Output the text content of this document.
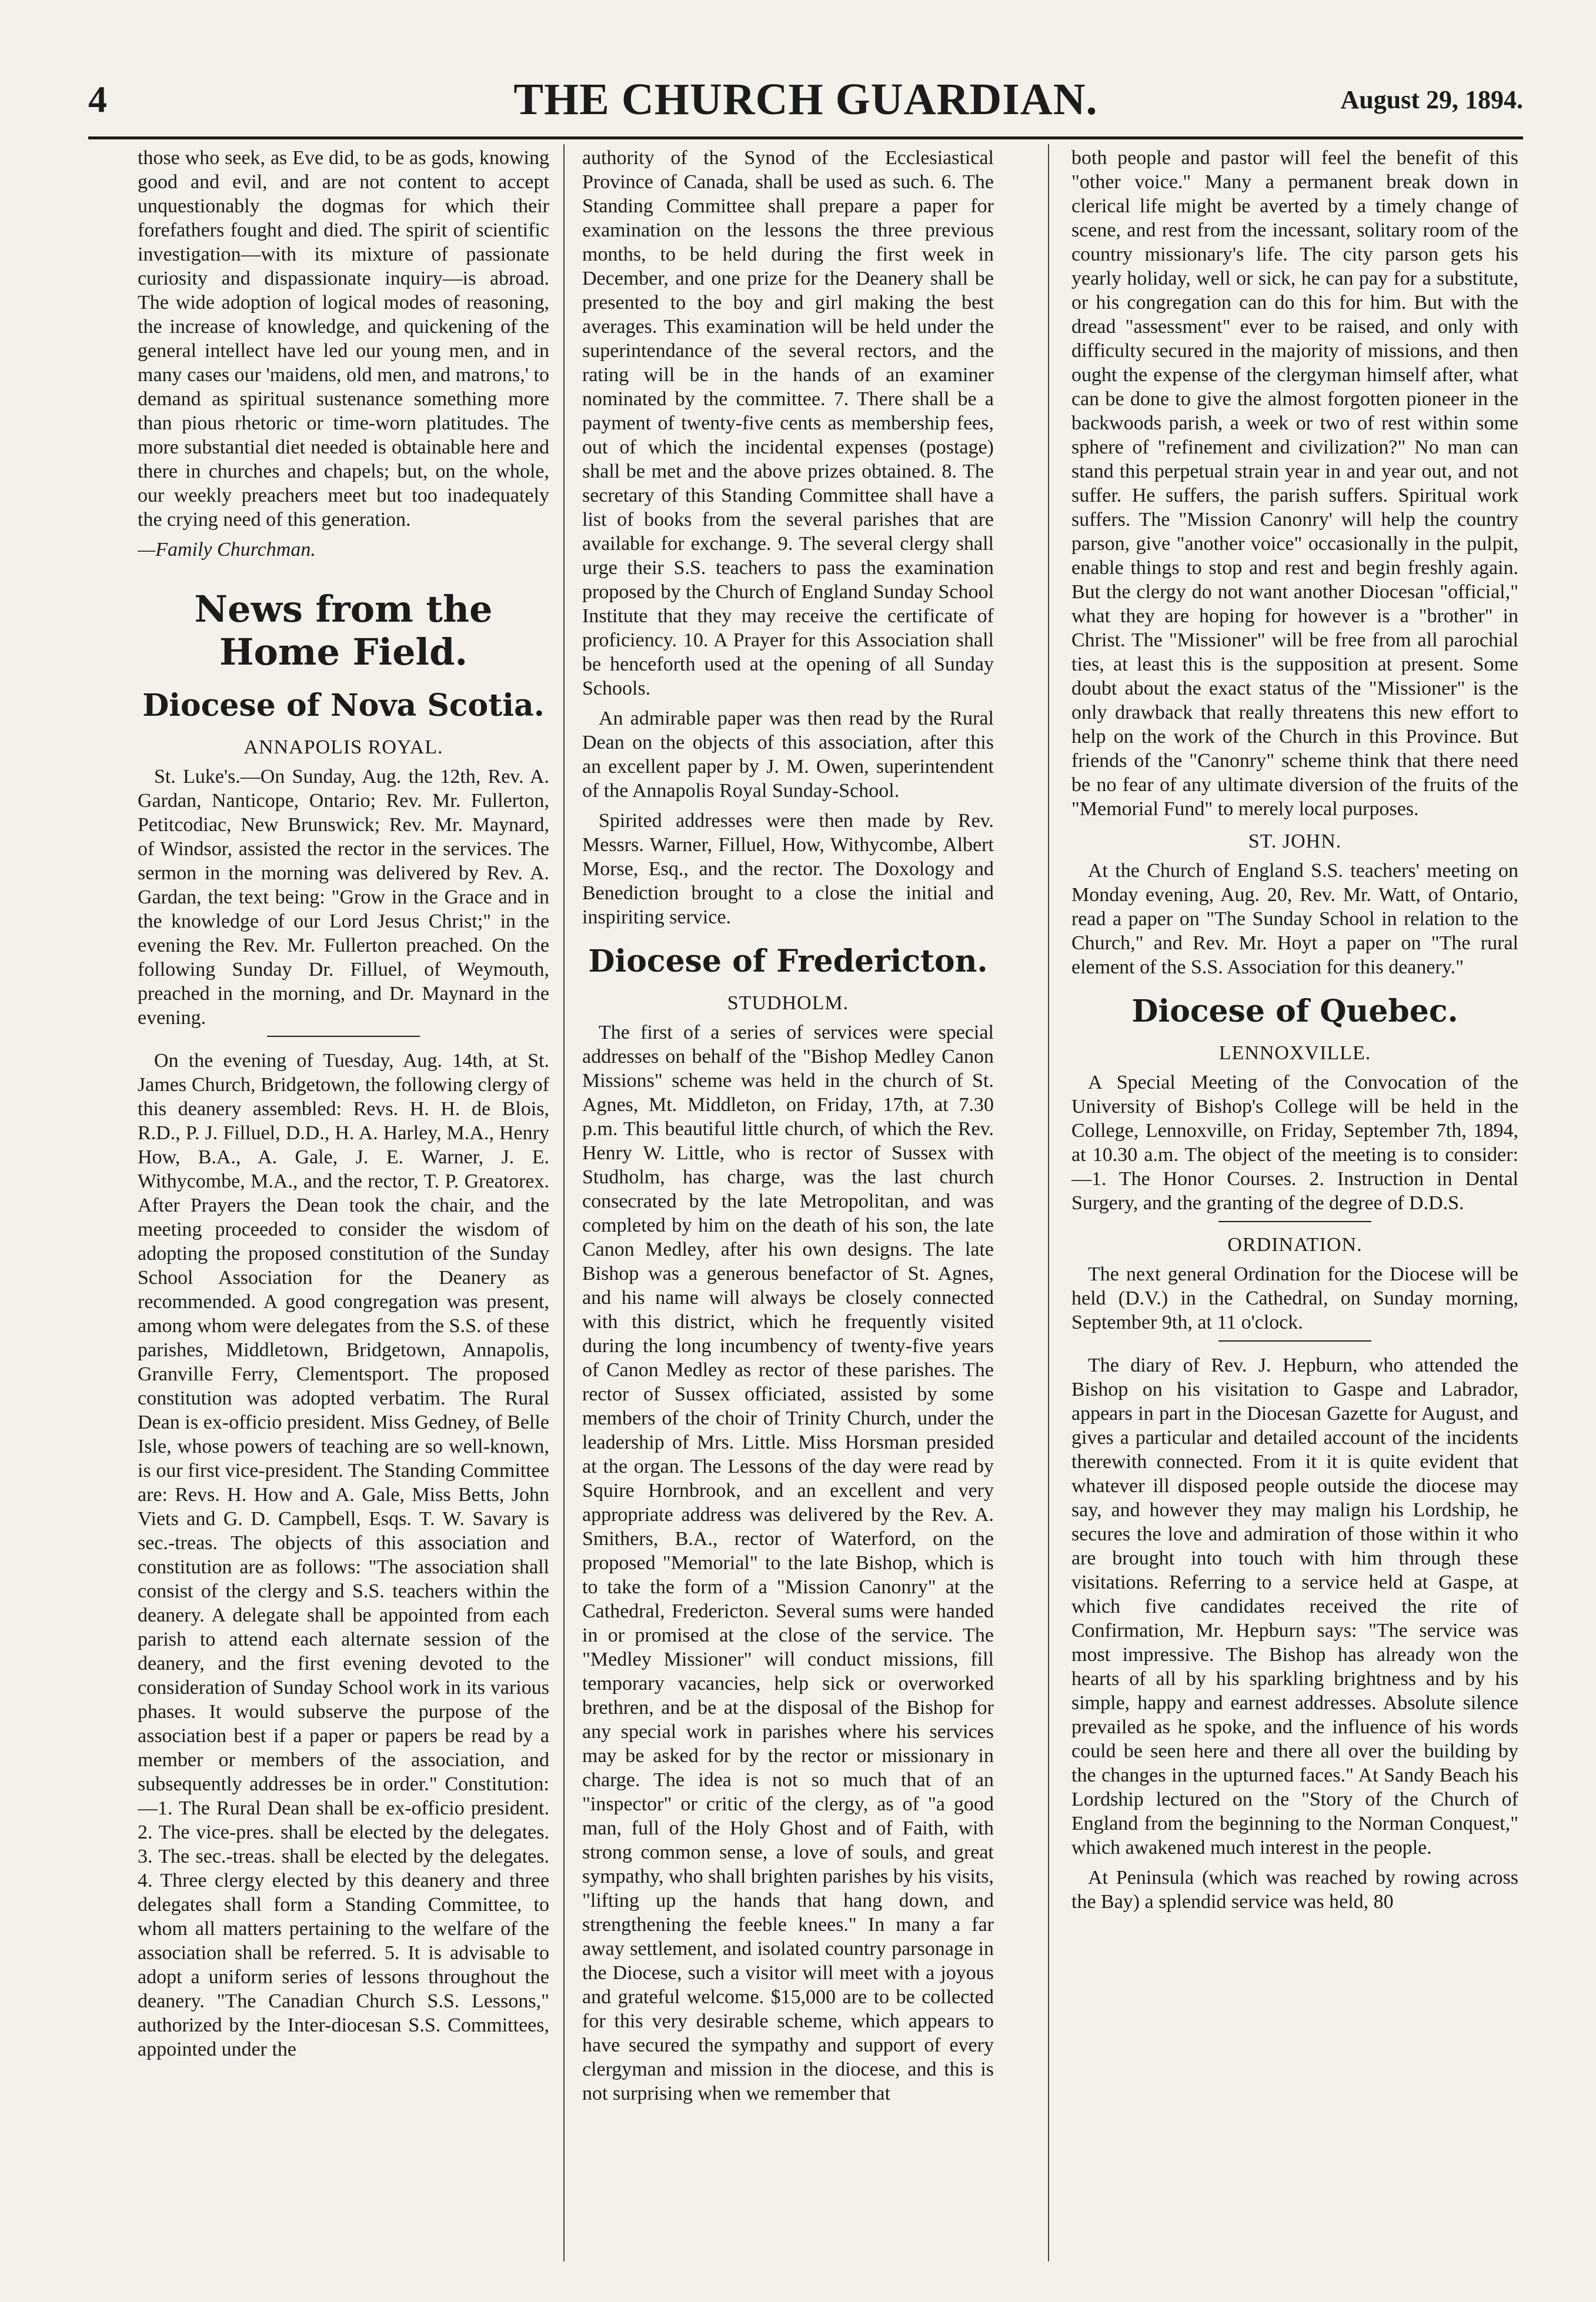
4	THE CHURCH GUARDIAN.	August 29, 1894.

those who seek, as Eve did, to be as gods, knowing good and evil, and are not content to accept unquestionably the dogmas for which their forefathers fought and died. The spirit of scientific investigation—with its mixture of passionate curiosity and dispassionate inquiry—is abroad. The wide adoption of logical modes of reasoning, the increase of knowledge, and quickening of the general intellect have led our young men, and in many cases our 'maidens, old men, and matrons,' to demand as spiritual sustenance something more than pious rhetoric or time-worn platitudes. The more substantial diet needed is obtainable here and there in churches and chapels; but, on the whole, our weekly preachers meet but too inadequately the crying need of this generation.

—Family Churchman.

News from the Home Field.
Diocese of Nova Scotia.
ANNAPOLIS ROYAL.

St. Luke's.—On Sunday, Aug. the 12th, Rev. A. Gardan, Nanticope, Ontario; Rev. Mr. Fullerton, Petitcodiac, New Brunswick; Rev. Mr. Maynard, of Windsor, assisted the rector in the services. The sermon in the morning was delivered by Rev. A. Gardan, the text being: "Grow in the Grace and in the knowledge of our Lord Jesus Christ;" in the evening the Rev. Mr. Fullerton preached. On the following Sunday Dr. Filluel, of Weymouth, preached in the morning, and Dr. Maynard in the evening.

On the evening of Tuesday, Aug. 14th, at St. James Church, Bridgetown, the following clergy of this deanery assembled: Revs. H. H. de Blois, R.D., P. J. Filluel, D.D., H. A. Harley, M.A., Henry How, B.A., A. Gale, J. E. Warner, J. E. Withycombe, M.A., and the rector, T. P. Greatorex. After Prayers the Dean took the chair, and the meeting proceeded to consider the wisdom of adopting the proposed constitution of the Sunday School Association for the Deanery as recommended. A good congregation was present, among whom were delegates from the S.S. of these parishes, Middletown, Bridgetown, Annapolis, Granville Ferry, Clementsport. The proposed constitution was adopted verbatim. The Rural Dean is ex-officio president. Miss Gedney, of Belle Isle, whose powers of teaching are so well-known, is our first vice-president. The Standing Committee are: Revs. H. How and A. Gale, Miss Betts, John Viets and G. D. Campbell, Esqs. T. W. Savary is sec.-treas. The objects of this association and constitution are as follows: "The association shall consist of the clergy and S.S. teachers within the deanery. A delegate shall be appointed from each parish to attend each alternate session of the deanery, and the first evening devoted to the consideration of Sunday School work in its various phases. It would subserve the purpose of the association best if a paper or papers be read by a member or members of the association, and subsequently addresses be in order." Constitution:—1. The Rural Dean shall be ex-officio president. 2. The vice-pres. shall be elected by the delegates. 3. The sec.-treas. shall be elected by the delegates. 4. Three clergy elected by this deanery and three delegates shall form a Standing Committee, to whom all matters pertaining to the welfare of the association shall be referred. 5. It is advisable to adopt a uniform series of lessons throughout the deanery. "The Canadian Church S.S. Lessons," authorized by the Inter-diocesan S.S. Committees, appointed under the

authority of the Synod of the Ecclesiastical Province of Canada, shall be used as such. 6. The Standing Committee shall prepare a paper for examination on the lessons the three previous months, to be held during the first week in December, and one prize for the Deanery shall be presented to the boy and girl making the best averages. This examination will be held under the superintendance of the several rectors, and the rating will be in the hands of an examiner nominated by the committee. 7. There shall be a payment of twenty-five cents as membership fees, out of which the incidental expenses (postage) shall be met and the above prizes obtained. 8. The secretary of this Standing Committee shall have a list of books from the several parishes that are available for exchange. 9. The several clergy shall urge their S.S. teachers to pass the examination proposed by the Church of England Sunday School Institute that they may receive the certificate of proficiency. 10. A Prayer for this Association shall be henceforth used at the opening of all Sunday Schools.

An admirable paper was then read by the Rural Dean on the objects of this association, after this an excellent paper by J. M. Owen, superintendent of the Annapolis Royal Sunday-School.

Spirited addresses were then made by Rev. Messrs. Warner, Filluel, How, Withycombe, Albert Morse, Esq., and the rector. The Doxology and Benediction brought to a close the initial and inspiriting service.

Diocese of Fredericton.
STUDHOLM.

The first of a series of services were special addresses on behalf of the "Bishop Medley Canon Missions" scheme was held in the church of St. Agnes, Mt. Middleton, on Friday, 17th, at 7.30 p.m. This beautiful little church, of which the Rev. Henry W. Little, who is rector of Sussex with Studholm, has charge, was the last church consecrated by the late Metropolitan, and was completed by him on the death of his son, the late Canon Medley, after his own designs. The late Bishop was a generous benefactor of St. Agnes, and his name will always be closely connected with this district, which he frequently visited during the long incumbency of twenty-five years of Canon Medley as rector of these parishes. The rector of Sussex officiated, assisted by some members of the choir of Trinity Church, under the leadership of Mrs. Little. Miss Horsman presided at the organ. The Lessons of the day were read by Squire Hornbrook, and an excellent and very appropriate address was delivered by the Rev. A. Smithers, B.A., rector of Waterford, on the proposed "Memorial" to the late Bishop, which is to take the form of a "Mission Canonry" at the Cathedral, Fredericton. Several sums were handed in or promised at the close of the service. The "Medley Missioner" will conduct missions, fill temporary vacancies, help sick or overworked brethren, and be at the disposal of the Bishop for any special work in parishes where his services may be asked for by the rector or missionary in charge. The idea is not so much that of an "inspector" or critic of the clergy, as of "a good man, full of the Holy Ghost and of Faith, with strong common sense, a love of souls, and great sympathy, who shall brighten parishes by his visits, "lifting up the hands that hang down, and strengthening the feeble knees." In many a far away settlement, and isolated country parsonage in the Diocese, such a visitor will meet with a joyous and grateful welcome. $15,000 are to be collected for this very desirable scheme, which appears to have secured the sympathy and support of every clergyman and mission in the diocese, and this is not surprising when we remember that

both people and pastor will feel the benefit of this "other voice." Many a permanent break down in clerical life might be averted by a timely change of scene, and rest from the incessant, solitary room of the country missionary's life. The city parson gets his yearly holiday, well or sick, he can pay for a substitute, or his congregation can do this for him. But with the dread "assessment" ever to be raised, and only with difficulty secured in the majority of missions, and then ought the expense of the clergyman himself after, what can be done to give the almost forgotten pioneer in the backwoods parish, a week or two of rest within some sphere of "refinement and civilization?" No man can stand this perpetual strain year in and year out, and not suffer. He suffers, the parish suffers. Spiritual work suffers. The "Mission Canonry' will help the country parson, give "another voice" occasionally in the pulpit, enable things to stop and rest and begin freshly again. But the clergy do not want another Diocesan "official," what they are hoping for however is a "brother" in Christ. The "Missioner" will be free from all parochial ties, at least this is the supposition at present. Some doubt about the exact status of the "Missioner" is the only drawback that really threatens this new effort to help on the work of the Church in this Province. But friends of the "Canonry" scheme think that there need be no fear of any ultimate diversion of the fruits of the "Memorial Fund" to merely local purposes.

ST. JOHN.

At the Church of England S.S. teachers' meeting on Monday evening, Aug. 20, Rev. Mr. Watt, of Ontario, read a paper on "The Sunday School in relation to the Church," and Rev. Mr. Hoyt a paper on "The rural element of the S.S. Association for this deanery."

Diocese of Quebec.
LENNOXVILLE.

A Special Meeting of the Convocation of the University of Bishop's College will be held in the College, Lennoxville, on Friday, September 7th, 1894, at 10.30 a.m. The object of the meeting is to consider:—1. The Honor Courses. 2. Instruction in Dental Surgery, and the granting of the degree of D.D.S.

ORDINATION.

The next general Ordination for the Diocese will be held (D.V.) in the Cathedral, on Sunday morning, September 9th, at 11 o'clock.

The diary of Rev. J. Hepburn, who attended the Bishop on his visitation to Gaspe and Labrador, appears in part in the Diocesan Gazette for August, and gives a particular and detailed account of the incidents therewith connected. From it it is quite evident that whatever ill disposed people outside the diocese may say, and however they may malign his Lordship, he secures the love and admiration of those within it who are brought into touch with him through these visitations. Referring to a service held at Gaspe, at which five candidates received the rite of Confirmation, Mr. Hepburn says: "The service was most impressive. The Bishop has already won the hearts of all by his sparkling brightness and by his simple, happy and earnest addresses. Absolute silence prevailed as he spoke, and the influence of his words could be seen here and there all over the building by the changes in the upturned faces." At Sandy Beach his Lordship lectured on the "Story of the Church of England from the beginning to the Norman Conquest," which awakened much interest in the people.

At Peninsula (which was reached by rowing across the Bay) a splendid service was held, 80
